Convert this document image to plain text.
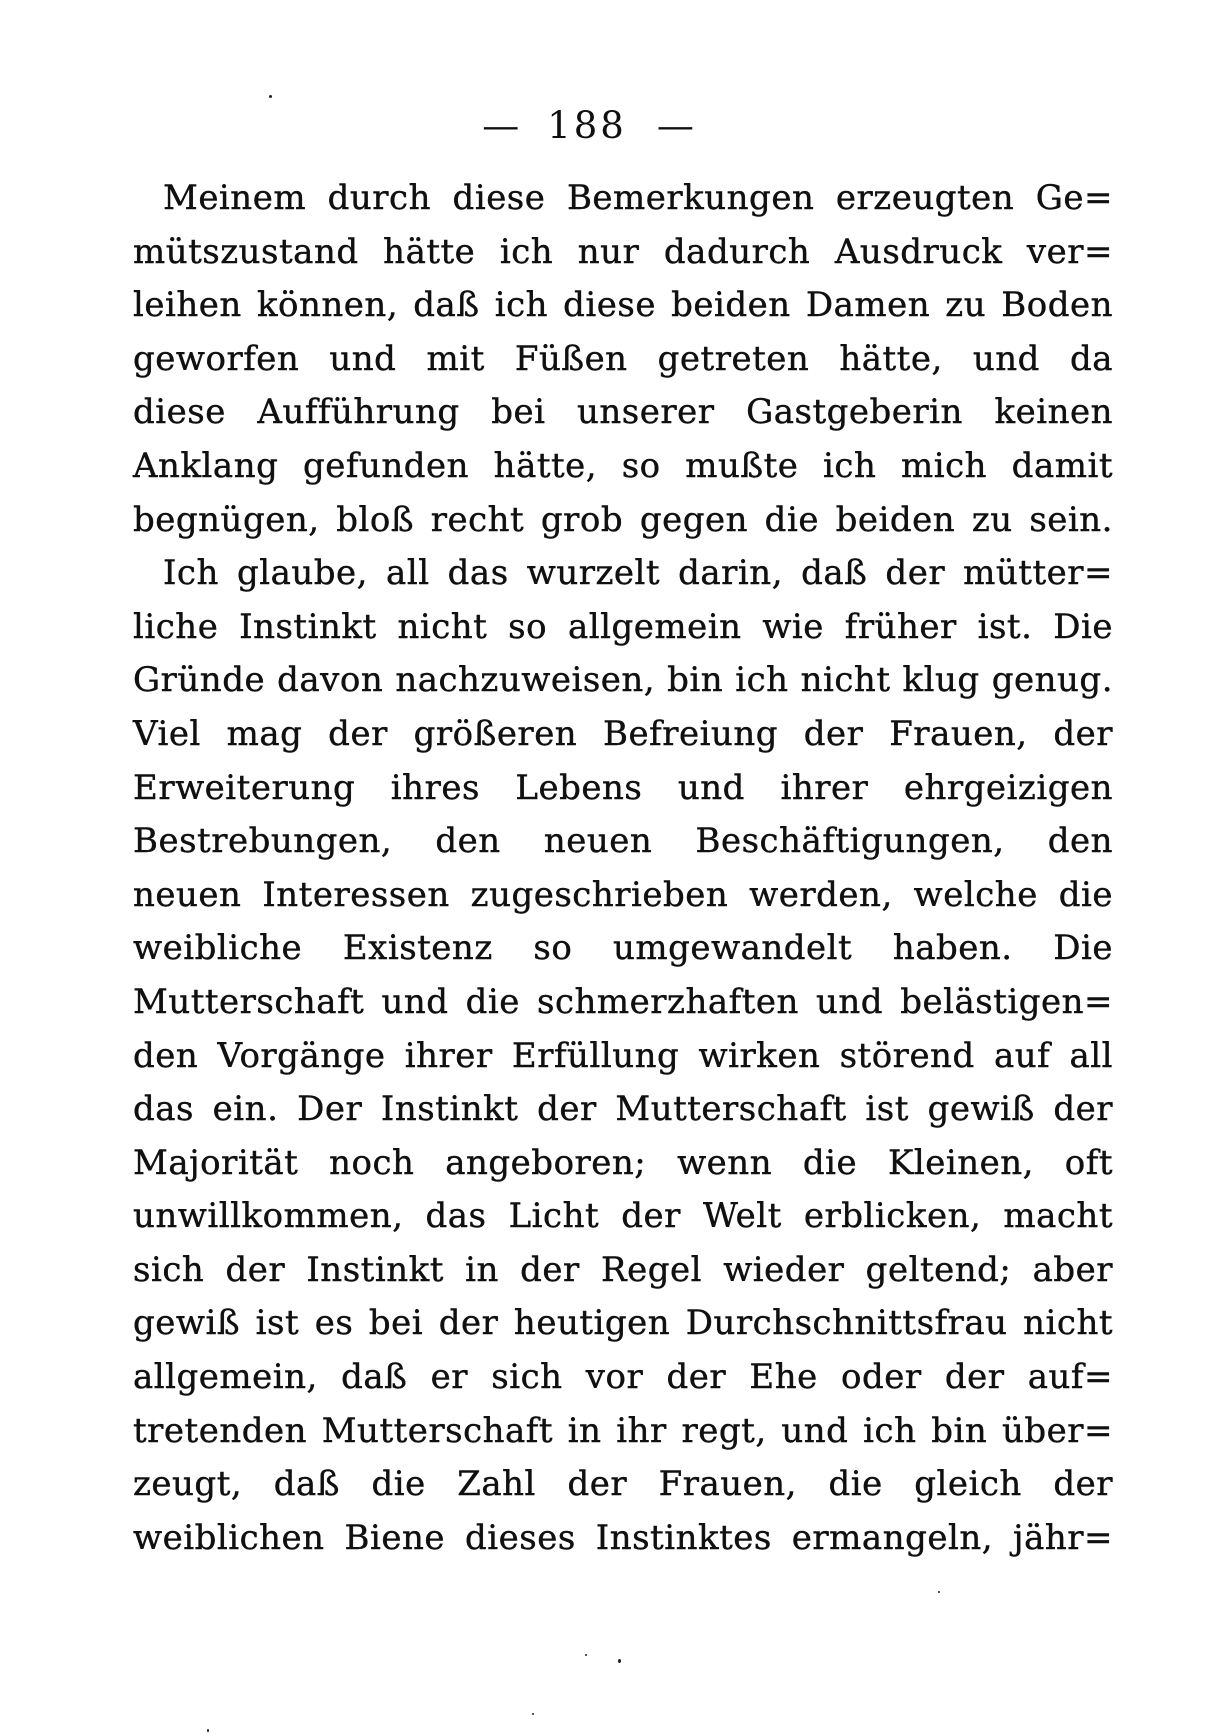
— 188 —
Meinem durch diese Bemerkungen erzeugten Ge=
mütszustand hätte ich nur dadurch Ausdruck ver=
leihen können, daß ich diese beiden Damen zu Boden
geworfen und mit Füßen getreten hätte, und da
diese Aufführung bei unserer Gastgeberin keinen
Anklang gefunden hätte, so mußte ich mich damit
begnügen, bloß recht grob gegen die beiden zu sein.
Ich glaube, all das wurzelt darin, daß der mütter=
liche Instinkt nicht so allgemein wie früher ist. Die
Gründe davon nachzuweisen, bin ich nicht klug genug.
Viel mag der größeren Befreiung der Frauen, der
Erweiterung ihres Lebens und ihrer ehrgeizigen
Bestrebungen, den neuen Beschäftigungen, den
neuen Interessen zugeschrieben werden, welche die
weibliche Existenz so umgewandelt haben. Die
Mutterschaft und die schmerzhaften und belästigen=
den Vorgänge ihrer Erfüllung wirken störend auf all
das ein. Der Instinkt der Mutterschaft ist gewiß der
Majorität noch angeboren; wenn die Kleinen, oft
unwillkommen, das Licht der Welt erblicken, macht
sich der Instinkt in der Regel wieder geltend; aber
gewiß ist es bei der heutigen Durchschnittsfrau nicht
allgemein, daß er sich vor der Ehe oder der auf=
tretenden Mutterschaft in ihr regt, und ich bin über=
zeugt, daß die Zahl der Frauen, die gleich der
weiblichen Biene dieses Instinktes ermangeln, jähr=
